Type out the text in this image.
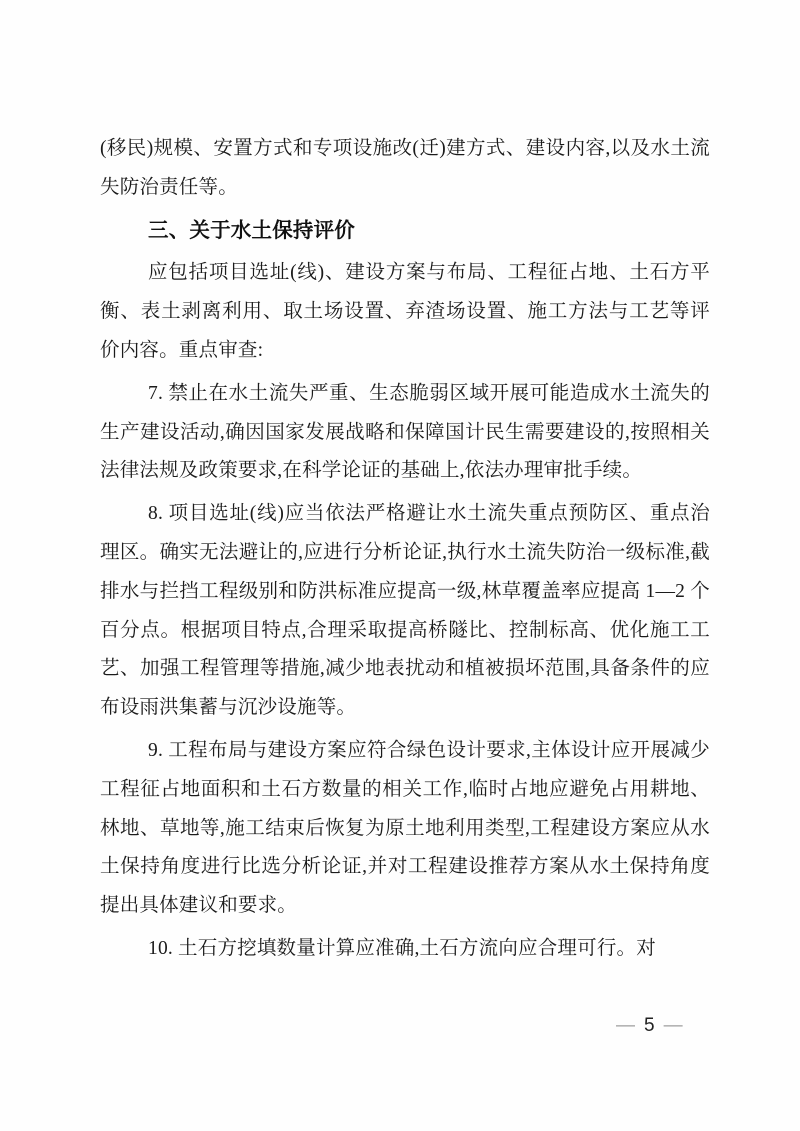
(移民)规模、安置方式和专项设施改(迁)建方式、建设内容,以及水土流失防治责任等。

三、关于水土保持评价

应包括项目选址(线)、建设方案与布局、工程征占地、土石方平衡、表土剥离利用、取土场设置、弃渣场设置、施工方法与工艺等评价内容。重点审查:

7. 禁止在水土流失严重、生态脆弱区域开展可能造成水土流失的生产建设活动,确因国家发展战略和保障国计民生需要建设的,按照相关法律法规及政策要求,在科学论证的基础上,依法办理审批手续。

8. 项目选址(线)应当依法严格避让水土流失重点预防区、重点治理区。确实无法避让的,应进行分析论证,执行水土流失防治一级标准,截排水与拦挡工程级别和防洪标准应提高一级,林草覆盖率应提高 1—2 个百分点。根据项目特点,合理采取提高桥隧比、控制标高、优化施工工艺、加强工程管理等措施,减少地表扰动和植被损坏范围,具备条件的应布设雨洪集蓄与沉沙设施等。

9. 工程布局与建设方案应符合绿色设计要求,主体设计应开展减少工程征占地面积和土石方数量的相关工作,临时占地应避免占用耕地、林地、草地等,施工结束后恢复为原土地利用类型,工程建设方案应从水土保持角度进行比选分析论证,并对工程建设推荐方案从水土保持角度提出具体建议和要求。

10. 土石方挖填数量计算应准确,土石方流向应合理可行。对

— 5 —
